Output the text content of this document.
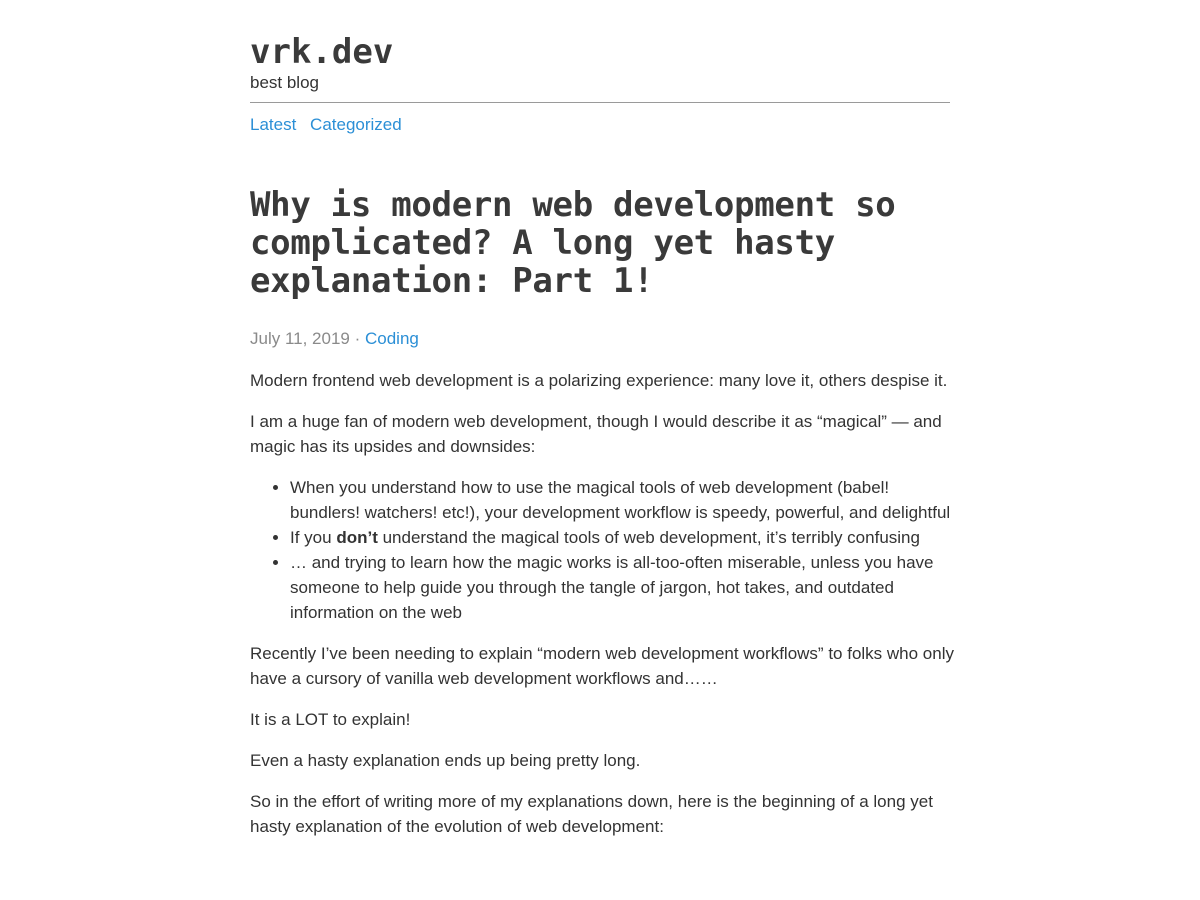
vrk.dev
best blog
Latest Categorized
Why is modern web development so complicated? A long yet hasty explanation: Part 1!
July 11, 2019 · Coding

Modern frontend web development is a polarizing experience: many love it, others despise it.

I am a huge fan of modern web development, though I would describe it as “magical” — and magic has its upsides and downsides:

• When you understand how to use the magical tools of web development (babel! bundlers! watchers! etc!), your development workflow is speedy, powerful, and delightful
• If you don’t understand the magical tools of web development, it’s terribly confusing
• … and trying to learn how the magic works is all-too-often miserable, unless you have someone to help guide you through the tangle of jargon, hot takes, and outdated information on the web

Recently I’ve been needing to explain “modern web development workflows” to folks who only have a cursory of vanilla web development workflows and……

It is a LOT to explain!

Even a hasty explanation ends up being pretty long.

So in the effort of writing more of my explanations down, here is the beginning of a long yet hasty explanation of the evolution of web development:
